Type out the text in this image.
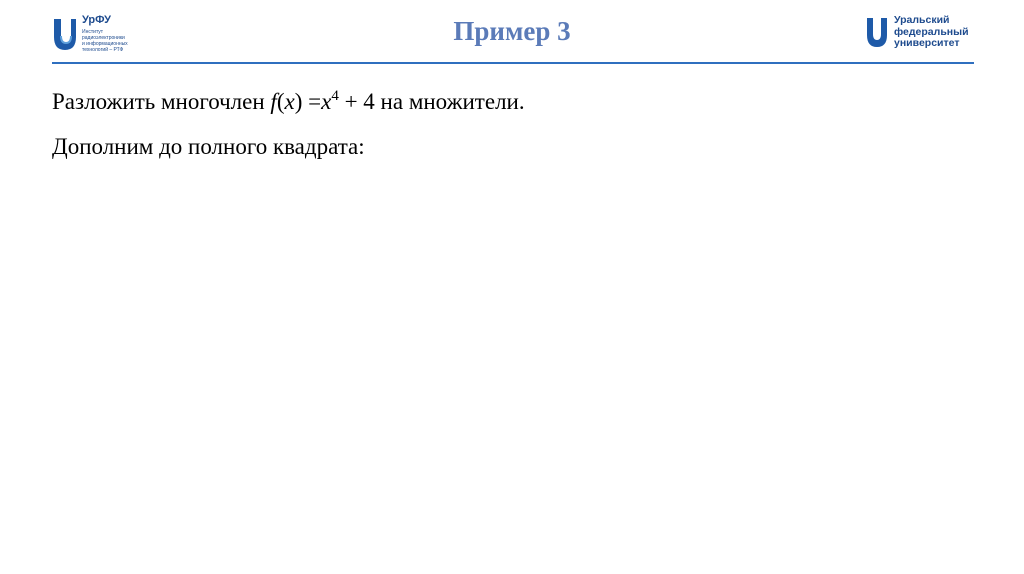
УрФУ
Институт
радиоэлектроники
и информационных
технологий – РТФ
Пример 3	Уральский
федеральный
университет
Разложить многочлен $f(x) =x^4 + 4$ на множители.
Дополним до полного квадрата:
